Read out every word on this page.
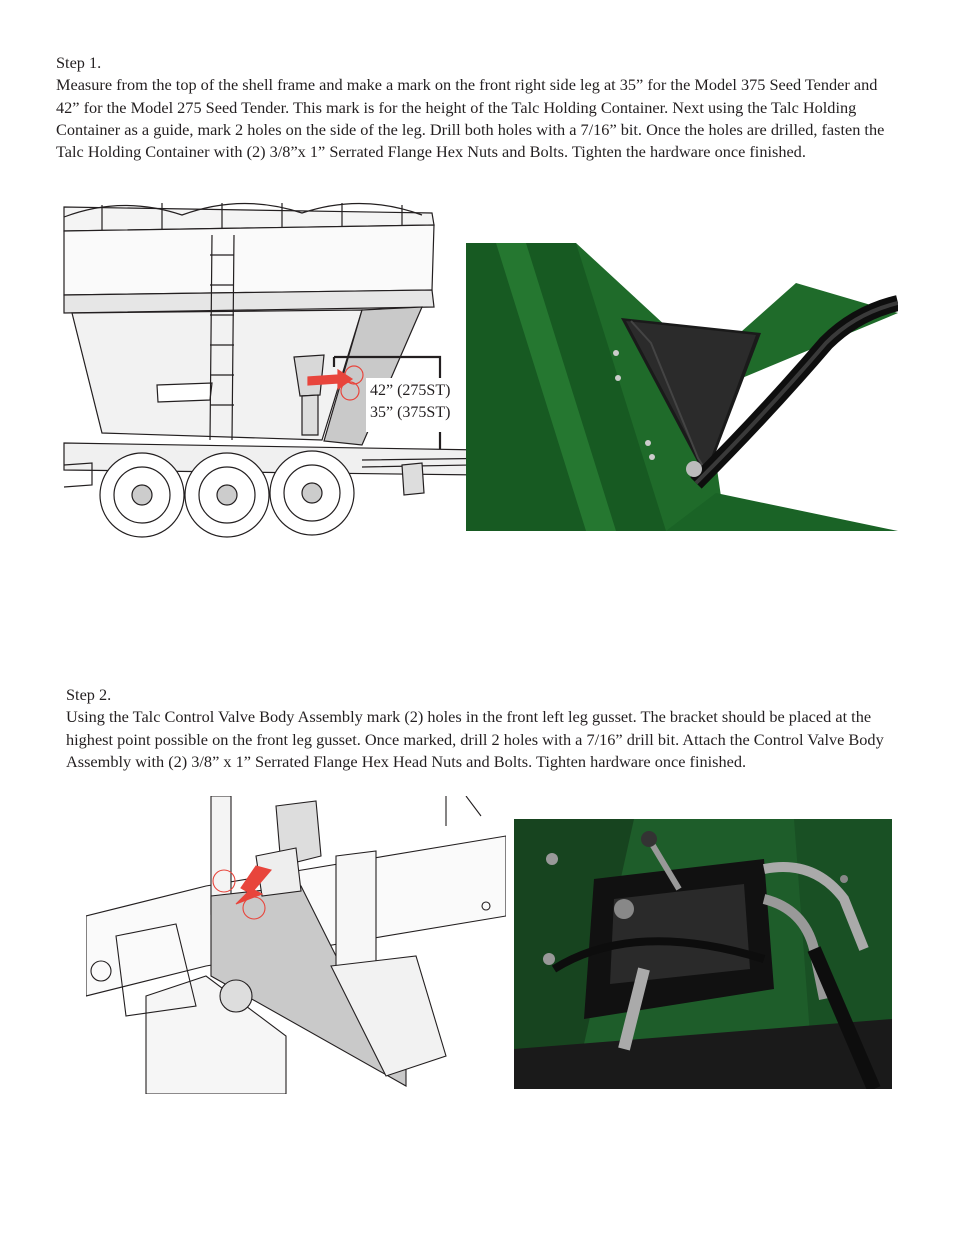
Step 1.

Measure from the top of the shell frame and make a mark on the front right side leg at 35” for the Model 375 Seed Tender and 42” for the Model 275 Seed Tender. This mark is for the height of the Talc Holding Container. Next using the Talc Holding Container as a guide, mark 2 holes on the side of the leg. Drill both holes with a 7/16” bit. Once the holes are drilled, fasten the Talc Holding Container with (2) 3/8”x 1” Serrated Flange Hex Nuts and Bolts. Tighten the hardware once finished.

42” (275ST)

35” (375ST)

Step 2.

Using the Talc Control Valve Body Assembly mark (2) holes in the front left leg gusset. The bracket should be placed at the highest point possible on the front leg gusset. Once marked, drill 2 holes with a 7/16” drill bit. Attach the Control Valve Body Assembly with (2) 3/8” x 1” Serrated Flange Hex Head Nuts and Bolts. Tighten hardware once finished.
